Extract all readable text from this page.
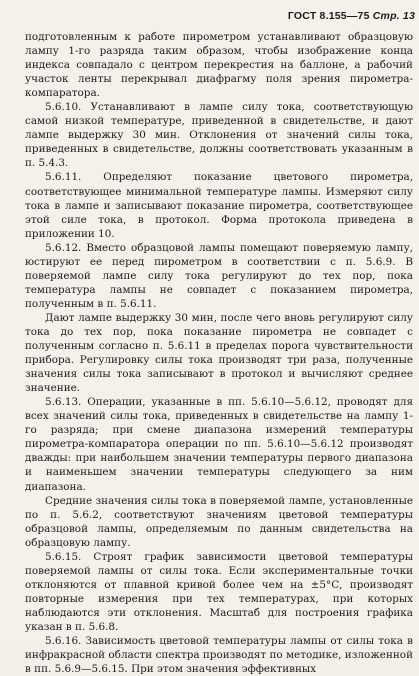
ГОСТ 8.155—75 Стр. 13

подготовленным к работе пирометром устанавливают образцовую лампу 1-го разряда таким образом, чтобы изображение конца индекса совпадало с центром перекрестия на баллоне, а рабочий участок ленты перекрывал диафрагму поля зрения пирометра-компаратора.

5.6.10. Устанавливают в лампе силу тока, соответствующую самой низкой температуре, приведенной в свидетельстве, и дают лампе выдержку 30 мин. Отклонения от значений силы тока, приведенных в свидетельстве, должны соответствовать указанным в п. 5.4.3.

5.6.11. Определяют показание цветового пирометра, соответствующее минимальной температуре лампы. Измеряют силу тока в лампе и записывают показание пирометра, соответствующее этой силе тока, в протокол. Форма протокола приведена в приложении 10.

5.6.12. Вместо образцовой лампы помещают поверяемую лампу, юстируют ее перед пирометром в соответствии с п. 5.6.9. В поверяемой лампе силу тока регулируют до тех пор, пока температура лампы не совпадет с показанием пирометра, полученным в п. 5.6.11.

Дают лампе выдержку 30 мин, после чего вновь регулируют силу тока до тех пор, пока показание пирометра не совпадет с полученным согласно п. 5.6.11 в пределах порога чувствительности прибора. Регулировку силы тока производят три раза, полученные значения силы тока записывают в протокол и вычисляют среднее значение.

5.6.13. Операции, указанные в пп. 5.6.10—5.6.12, проводят для всех значений силы тока, приведенных в свидетельстве на лампу 1-го разряда; при смене диапазона измерений температуры пирометра-компаратора операции по пп. 5.6.10—5.6.12 производят дважды: при наибольшем значении температуры первого диапазона и наименьшем значении температуры следующего за ним диапазона.

Средние значения силы тока в поверяемой лампе, установленные по п. 5.6.2, соответствуют значениям цветовой температуры образцовой лампы, определяемым по данным свидетельства на образцовую лампу.

5.6.15. Строят график зависимости цветовой температуры поверяемой лампы от силы тока. Если экспериментальные точки отклоняются от плавной кривой более чем на ±5°С, производят повторные измерения при тех температурах, при которых наблюдаются эти отклонения. Масштаб для построения графика указан в п. 5.6.8.

5.6.16. Зависимость цветовой температуры лампы от силы тока в инфракрасной области спектра производят по методике, изложенной в пп. 5.6.9—5.6.15. При этом значения эффективных
